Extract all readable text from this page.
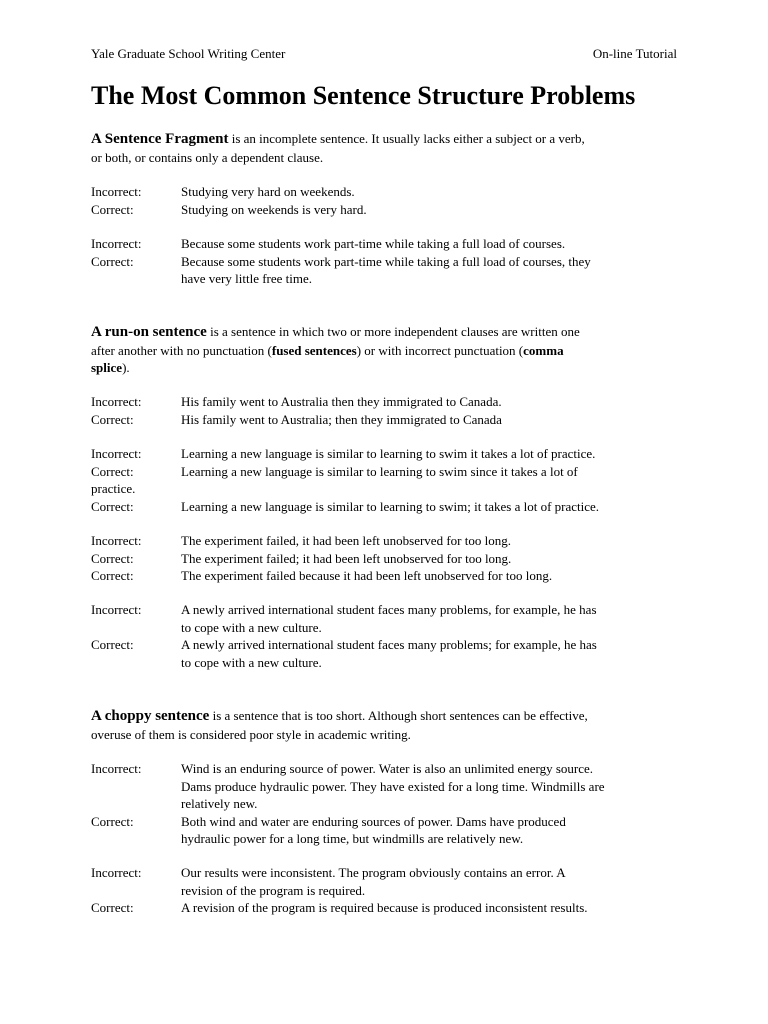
Yale Graduate School Writing Center	On-line Tutorial
The Most Common Sentence Structure Problems

A Sentence Fragment is an incomplete sentence. It usually lacks either a subject or a verb,
or both, or contains only a dependent clause.

Incorrect:	Studying very hard on weekends.
Correct:	Studying on weekends is very hard.
Incorrect:	Because some students work part-time while taking a full load of courses.
Correct:	Because some students work part-time while taking a full load of courses, they
have very little free time.

A run-on sentence is a sentence in which two or more independent clauses are written one
after another with no punctuation (fused sentences) or with incorrect punctuation (comma
splice).

Incorrect:	His family went to Australia then they immigrated to Canada.
Correct:	His family went to Australia; then they immigrated to Canada
Incorrect:	Learning a new language is similar to learning to swim it takes a lot of practice.
Correct:	Learning a new language is similar to learning to swim since it takes a lot of
practice.
Correct:	Learning a new language is similar to learning to swim; it takes a lot of practice.
Incorrect:	The experiment failed, it had been left unobserved for too long.
Correct:	The experiment failed; it had been left unobserved for too long.
Correct:	The experiment failed because it had been left unobserved for too long.
Incorrect:	A newly arrived international student faces many problems, for example, he has
to cope with a new culture.
Correct:	A newly arrived international student faces many problems; for example, he has
to cope with a new culture.

A choppy sentence is a sentence that is too short. Although short sentences can be effective,
overuse of them is considered poor style in academic writing.

Incorrect:	Wind is an enduring source of power. Water is also an unlimited energy source.
Dams produce hydraulic power. They have existed for a long time. Windmills are
relatively new.
Correct:	Both wind and water are enduring sources of power. Dams have produced
hydraulic power for a long time, but windmills are relatively new.
Incorrect:	Our results were inconsistent. The program obviously contains an error. A
revision of the program is required.
Correct:	A revision of the program is required because is produced inconsistent results.
